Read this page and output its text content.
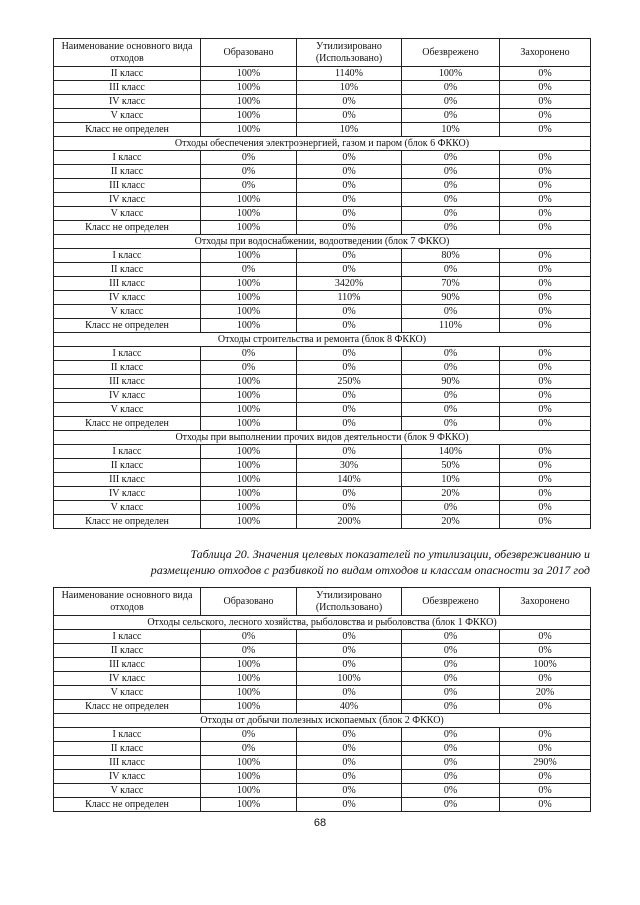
Наименование основного вида отходов	Образовано	Утилизировано (Использовано)	Обезврежено	Захоронено
II класс	100%	1140%	100%	0%
III класс	100%	10%	0%	0%
IV класс	100%	0%	0%	0%
V класс	100%	0%	0%	0%
Класс не определен	100%	10%	10%	0%
Отходы обеспечения электроэнергией, газом и паром (блок 6 ФККО)				
I класс	0%	0%	0%	0%
II класс	0%	0%	0%	0%
III класс	0%	0%	0%	0%
IV класс	100%	0%	0%	0%
V класс	100%	0%	0%	0%
Класс не определен	100%	0%	0%	0%
Отходы при водоснабжении, водоотведении (блок 7 ФККО)				
I класс	100%	0%	80%	0%
II класс	0%	0%	0%	0%
III класс	100%	3420%	70%	0%
IV класс	100%	110%	90%	0%
V класс	100%	0%	0%	0%
Класс не определен	100%	0%	110%	0%
Отходы строительства и ремонта (блок 8 ФККО)				
I класс	0%	0%	0%	0%
II класс	0%	0%	0%	0%
III класс	100%	250%	90%	0%
IV класс	100%	0%	0%	0%
V класс	100%	0%	0%	0%
Класс не определен	100%	0%	0%	0%
Отходы при выполнении прочих видов деятельности (блок 9 ФККО)				
I класс	100%	0%	140%	0%
II класс	100%	30%	50%	0%
III класс	100%	140%	10%	0%
IV класс	100%	0%	20%	0%
V класс	100%	0%	0%	0%
Класс не определен	100%	200%	20%	0%
Таблица 20. Значения целевых показателей по утилизации, обезвреживанию и
размещению отходов с разбивкой по видам отходов и классам опасности за 2017 год
Наименование основного вида отходов	Образовано	Утилизировано (Использовано)	Обезврежено	Захоронено
Отходы сельского, лесного хозяйства, рыболовства и рыболовства (блок 1 ФККО)				
I класс	0%	0%	0%	0%
II класс	0%	0%	0%	0%
III класс	100%	0%	0%	100%
IV класс	100%	100%	0%	0%
V класс	100%	0%	0%	20%
Класс не определен	100%	40%	0%	0%
Отходы от добычи полезных ископаемых (блок 2 ФККО)				
I класс	0%	0%	0%	0%
II класс	0%	0%	0%	0%
III класс	100%	0%	0%	290%
IV класс	100%	0%	0%	0%
V класс	100%	0%	0%	0%
Класс не определен	100%	0%	0%	0%
68
